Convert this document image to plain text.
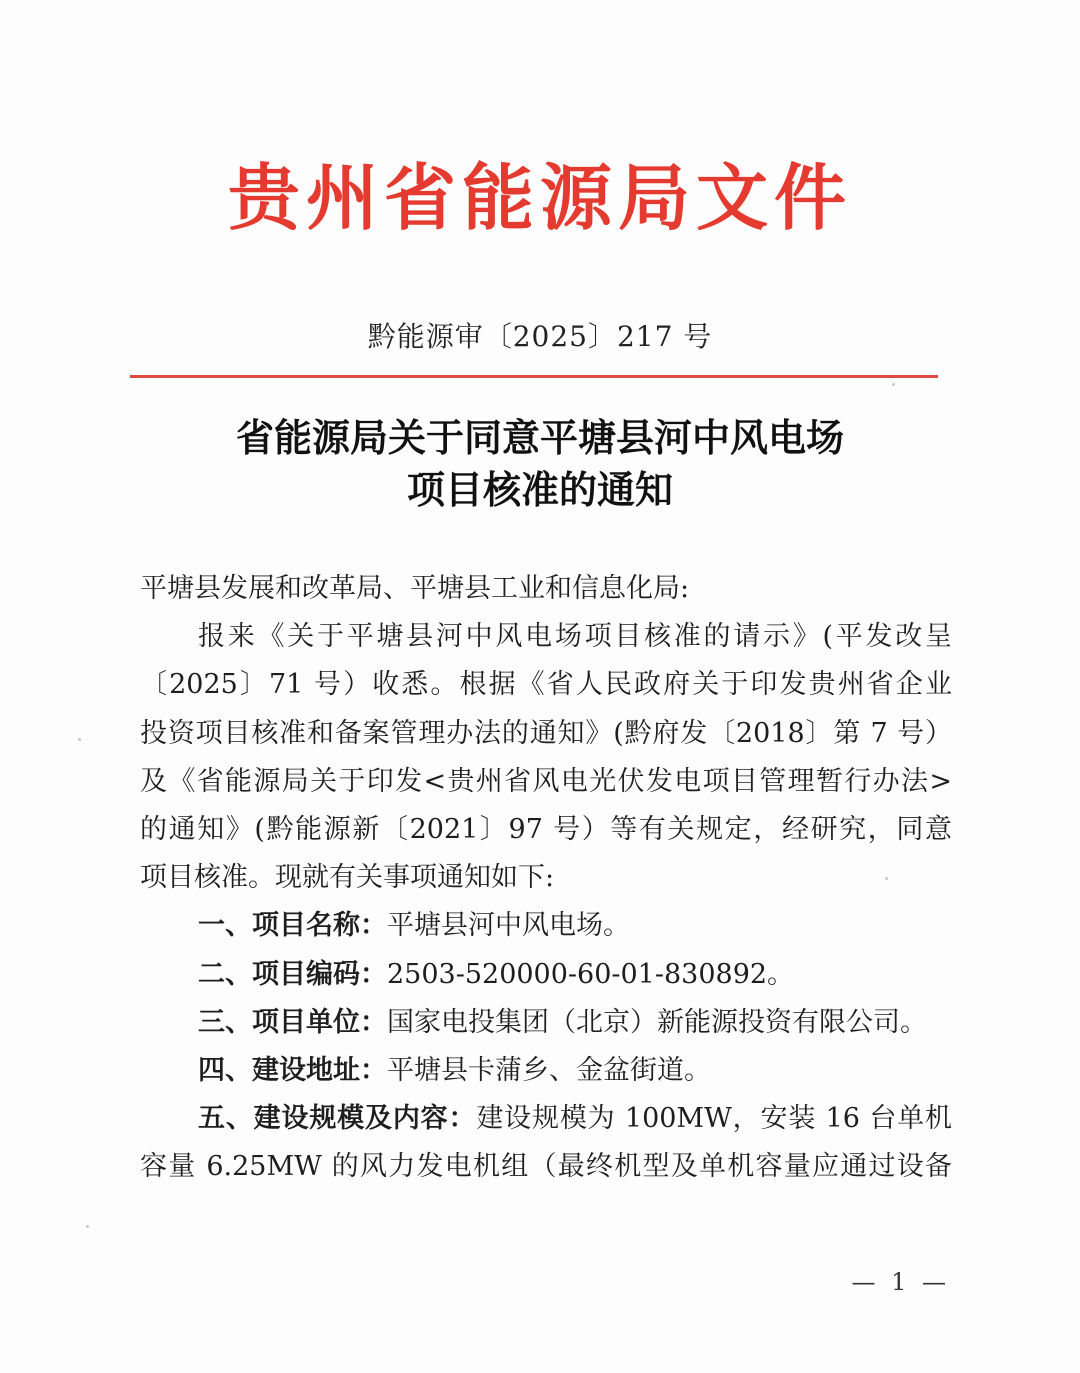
贵州省能源局文件
黔能源审〔2025〕217 号
省能源局关于同意平塘县河中风电场
项目核准的通知

平塘县发展和改革局、平塘县工业和信息化局:

报来《关于平塘县河中风电场项目核准的请示》(平发改呈

〔2025〕71 号）收悉。根据《省人民政府关于印发贵州省企业

投资项目核准和备案管理办法的通知》(黔府发〔2018〕第 7 号）

及《省能源局关于印发<贵州省风电光伏发电项目管理暂行办法>

的通知》(黔能源新〔2021〕97 号）等有关规定，经研究，同意

项目核准。现就有关事项通知如下:

一、项目名称：平塘县河中风电场。

二、项目编码：2503-520000-60-01-830892。

三、项目单位：国家电投集团（北京）新能源投资有限公司。

四、建设地址：平塘县卡蒲乡、金盆街道。

五、建设规模及内容：建设规模为 100MW，安装 16 台单机

容量 6.25MW 的风力发电机组（最终机型及单机容量应通过设备

— 1 —
